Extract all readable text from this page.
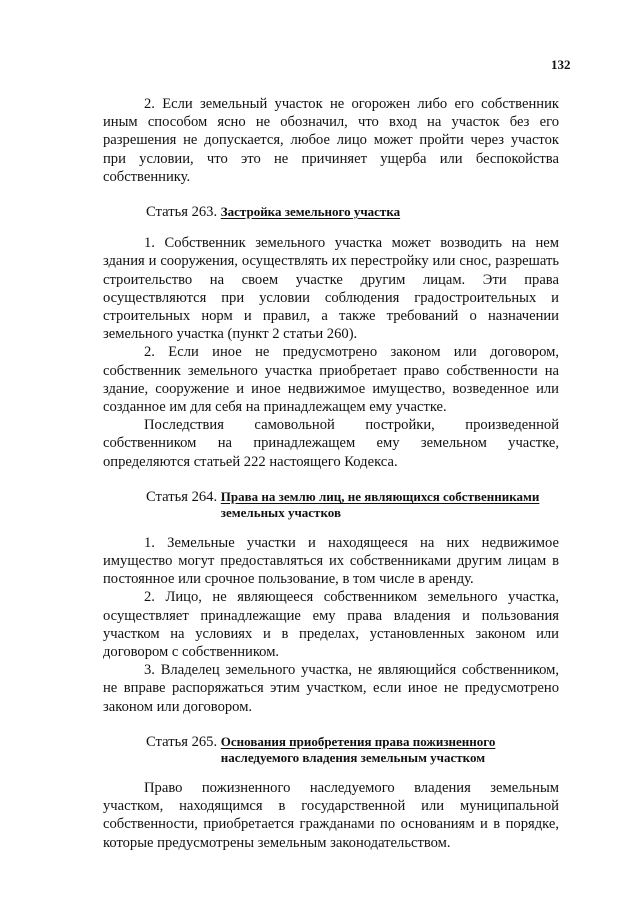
132

2. Если земельный участок не огорожен либо его собственник иным способом ясно не обозначил, что вход на участок без его разрешения не допускается, любое лицо может пройти через участок при условии, что это не причиняет ущерба или беспокойства собственнику.

Статья 263. Застройка земельного участка

1. Собственник земельного участка может возводить на нем здания и сооружения, осуществлять их перестройку или снос, разрешать строительство на своем участке другим лицам. Эти права осуществляются при условии соблюдения градостроительных и строительных норм и правил, а также требований о назначении земельного участка (пункт 2 статьи 260).

2. Если иное не предусмотрено законом или договором, собственник земельного участка приобретает право собственности на здание, сооружение и иное недвижимое имущество, возведенное или созданное им для себя на принадлежащем ему участке.

Последствия самовольной постройки, произведенной собственником на принадлежащем ему земельном участке, определяются статьей 222 настоящего Кодекса.

Статья 264. Права на землю лиц, не являющихся собственниками
земельных участков

1. Земельные участки и находящееся на них недвижимое имущество могут предоставляться их собственниками другим лицам в постоянное или срочное пользование, в том числе в аренду.

2. Лицо, не являющееся собственником земельного участка, осуществляет принадлежащие ему права владения и пользования участком на условиях и в пределах, установленных законом или договором с собственником.

3. Владелец земельного участка, не являющийся собственником, не вправе распоряжаться этим участком, если иное не предусмотрено законом или договором.

Статья 265. Основания приобретения права пожизненного
наследуемого владения земельным участком

Право пожизненного наследуемого владения земельным участком, находящимся в государственной или муниципальной собственности, приобретается гражданами по основаниям и в порядке, которые предусмотрены земельным законодательством.
